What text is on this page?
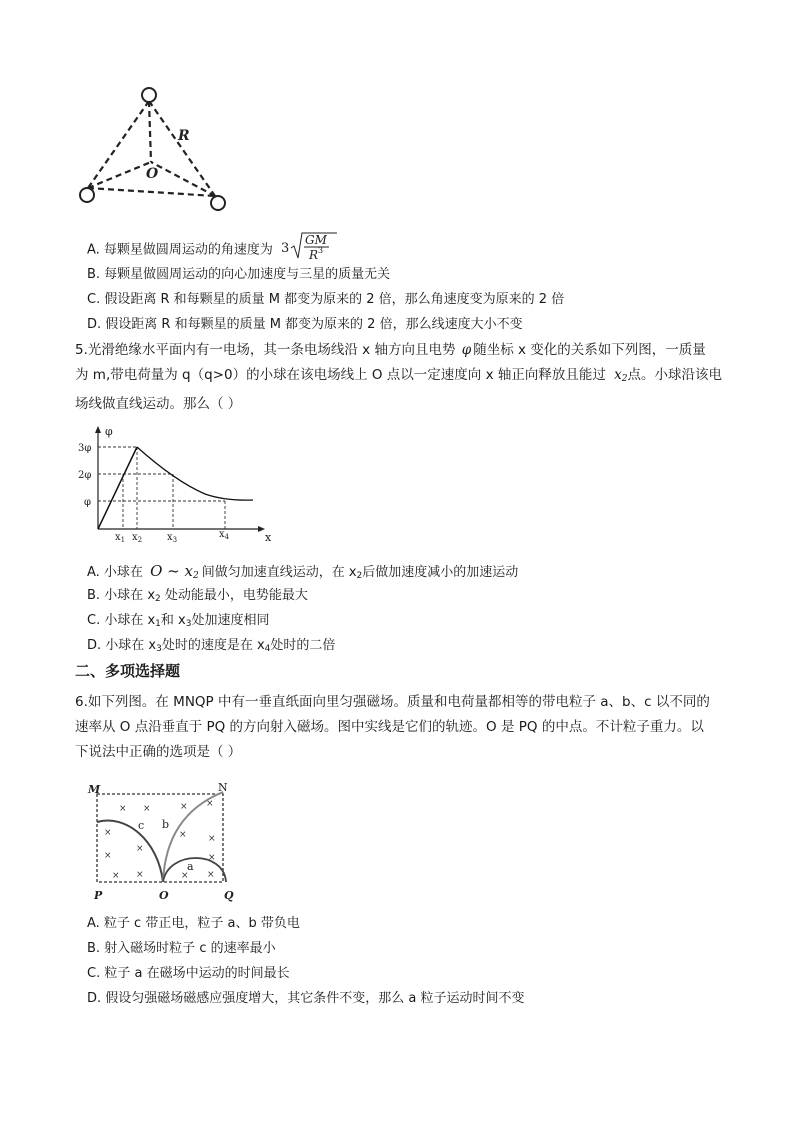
R
O
A. 每颗星做圆周运动的角速度为 3
GM
R 3
B. 每颗星做圆周运动的向心加速度与三星的质量无关
C. 假设距离 R 和每颗星的质量 M 都变为原来的 2 倍，那么角速度变为原来的 2 倍
D. 假设距离 R 和每颗星的质量 M 都变为原来的 2 倍，那么线速度大小不变
5.光滑绝缘水平面内有一电场，其一条电场线沿 x 轴方向且电势 φ 随坐标 x 变化的关系如下列图，一质量
为 m,带电荷量为 q（q>0）的小球在该电场线上 O 点以一定速度向 x 轴正向释放且能过 $x_2$点。小球沿该电
场线做直线运动。那么（ ）
φ
x
3φ
2φ
φ
$x_1$ $x_2$ $x_3$	$x_4$
A. 小球在 O ~ $x_2$ 间做匀加速直线运动，在 $x_2$后做加速度减小的加速运动
B. 小球在 $x_2$ 处动能最小，电势能最大
C. 小球在 $x_1$和 $x_3$处加速度相同
D. 小球在 $x_3$处时的速度是在 $x_4$处时的二倍
二、多项选择题
6.如下列图。在 MNQP 中有一垂直纸面向里匀强磁场。质量和电荷量都相等的带电粒子 a、b、c 以不同的
速率从 O 点沿垂直于 PQ 的方向射入磁场。图中实线是它们的轨迹。O 是 PQ 的中点。不计粒子重力。以
下说法中正确的选项是（ ）
× ×	× ×
×	× ×
×
×
×
× ×	× ×
M	N
P	O	Q
a
b
c
A. 粒子 c 带正电，粒子 a、b 带负电
B. 射入磁场时粒子 c 的速率最小
C. 粒子 a 在磁场中运动的时间最长
D. 假设匀强磁场磁感应强度增大，其它条件不变，那么 a 粒子运动时间不变
